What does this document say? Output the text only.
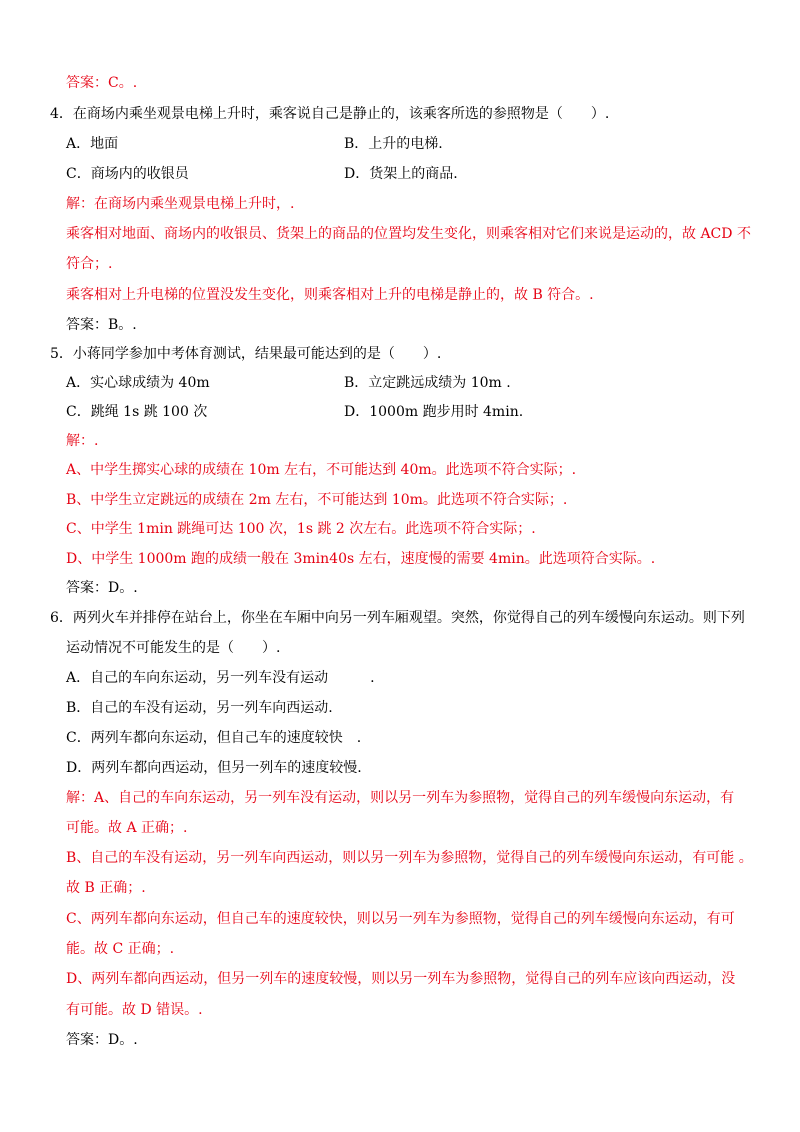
答案：C。.
4．在商场内乘坐观景电梯上升时，乘客说自己是静止的，该乘客所选的参照物是（　　）.
A．地面	B．上升的电梯.
C．商场内的收银员	D．货架上的商品.
解：在商场内乘坐观景电梯上升时，.
乘客相对地面、商场内的收银员、货架上的商品的位置均发生变化，则乘客相对它们来说是运动的，故 ACD 不
符合；.
乘客相对上升电梯的位置没发生变化，则乘客相对上升的电梯是静止的，故 B 符合。.
答案：B。.
5．小蒋同学参加中考体育测试，结果最可能达到的是（　　）.
A．实心球成绩为 40m	B．立定跳远成绩为 10m .
C．跳绳 1s 跳 100 次	D．1000m 跑步用时 4min.
解：.
A、中学生掷实心球的成绩在 10m 左右，不可能达到 40m。此选项不符合实际；.
B、中学生立定跳远的成绩在 2m 左右，不可能达到 10m。此选项不符合实际；.
C、中学生 1min 跳绳可达 100 次，1s 跳 2 次左右。此选项不符合实际；.
D、中学生 1000m 跑的成绩一般在 3min40s 左右，速度慢的需要 4min。此选项符合实际。.
答案：D。.
6．两列火车并排停在站台上，你坐在车厢中向另一列车厢观望。突然，你觉得自己的列车缓慢向东运动。则下列
运动情况不可能发生的是（　　）.
A．自己的车向东运动，另一列车没有运动　　　.
B．自己的车没有运动，另一列车向西运动.
C．两列车都向东运动，但自己车的速度较快　.
D．两列车都向西运动，但另一列车的速度较慢.
解：A、自己的车向东运动，另一列车没有运动，则以另一列车为参照物，觉得自己的列车缓慢向东运动，有
可能。故 A 正确；.
B、自己的车没有运动，另一列车向西运动，则以另一列车为参照物，觉得自己的列车缓慢向东运动，有可能 。
故 B 正确；.
C、两列车都向东运动，但自己车的速度较快，则以另一列车为参照物，觉得自己的列车缓慢向东运动，有可
能。故 C 正确；.
D、两列车都向西运动，但另一列车的速度较慢，则以另一列车为参照物，觉得自己的列车应该向西运动，没
有可能。故 D 错误。.
答案：D。.
